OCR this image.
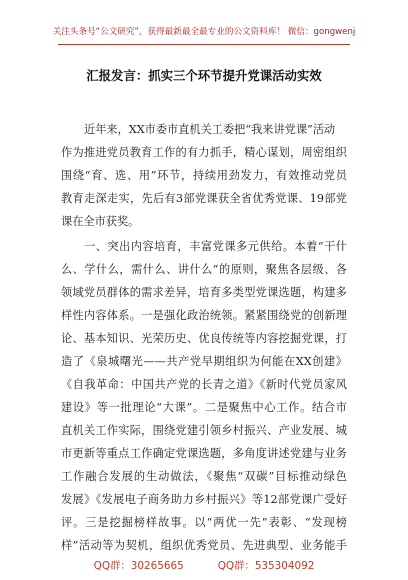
关注头条号“公文研究”，获得最新最全最专业的公文资料库！ 微信：gongwenj
汇报发言：抓实三个环节提升党课活动实效
近年来，XX市委市直机关工委把“我来讲党课”活动
作为推进党员教育工作的有力抓手，精心谋划，周密组织
围绕“育、选、用”环节，持续用劲发力，有效推动党员
教育走深走实，先后有3部党课获全省优秀党课、19部党
课在全市获奖。
一、突出内容培育，丰富党课多元供给。本着“干什
么、学什么，需什么、讲什么”的原则，聚焦各层级、各
领域党员群体的需求差异，培育多类型党课选题，构建多
样性内容体系。一是强化政治统领。紧紧围绕党的创新理
论、基本知识、光荣历史、优良传统等内容挖掘党课，打
造了《泉城曙光——共产党早期组织为何能在XX创建》
《自我革命：中国共产党的长青之道》《新时代党员家风
建设》等一批理论“大课”。二是聚焦中心工作。结合市
直机关工作实际，围绕党建引领乡村振兴、产业发展、城
市更新等重点工作确定党课选题，多角度讲述党建与业务
工作融合发展的生动做法，《聚焦“双碳”目标推动绿色
发展》《发展电子商务助力乡村振兴》等12部党课广受好
评。三是挖掘榜样故事。以“两优一先”表彰、“发现榜
样”活动等为契机，组织优秀党员、先进典型、业务能手
QQ群：30265665	QQ群：535304092
